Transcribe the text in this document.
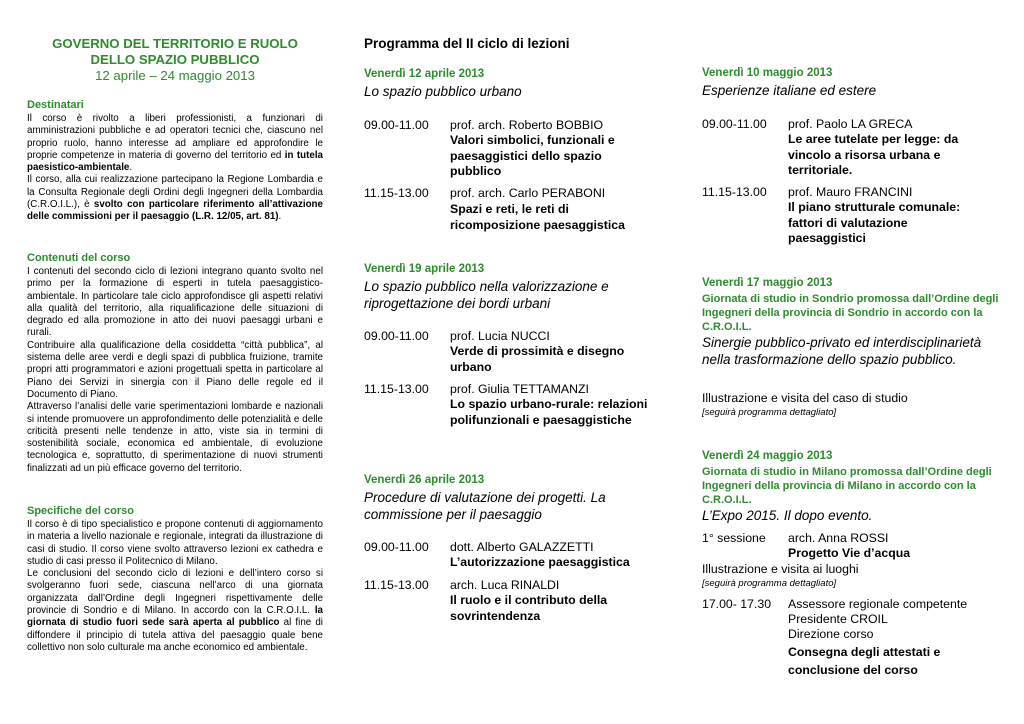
GOVERNO DEL TERRITORIO E RUOLO
DELLO SPAZIO PUBBLICO
12 aprile – 24 maggio 2013
Destinatari
Il corso è rivolto a liberi professionisti, a funzionari di amministrazioni pubbliche e ad operatori tecnici che, ciascuno nel proprio ruolo, hanno interesse ad ampliare ed approfondire le proprie competenze in materia di governo del territorio ed in tutela paesistico-ambientale.
Il corso, alla cui realizzazione partecipano la Regione Lombardia e la Consulta Regionale degli Ordini degli Ingegneri della Lombardia (C.R.O.I.L.), è svolto con particolare riferimento all’attivazione delle commissioni per il paesaggio (L.R. 12/05, art. 81).
Contenuti del corso
I contenuti del secondo ciclo di lezioni integrano quanto svolto nel primo per la formazione di esperti in tutela paesaggistico-ambientale. In particolare tale ciclo approfondisce gli aspetti relativi alla qualità del territorio, alla riqualificazione delle situazioni di degrado ed alla promozione in atto dei nuovi paesaggi urbani e rurali.
Contribuire alla qualificazione della cosiddetta “città pubblica”, al sistema delle aree verdi e degli spazi di pubblica fruizione, tramite propri atti programmatori e azioni progettuali spetta in particolare al Piano dei Servizi in sinergia con il Piano delle regole ed il Documento di Piano.
Attraverso l’analisi delle varie sperimentazioni lombarde e nazionali si intende promuovere un approfondimento delle potenzialità e delle criticità presenti nelle tendenze in atto, viste sia in termini di sostenibilità sociale, economica ed ambientale, di evoluzione tecnologica e, soprattutto, di sperimentazione di nuovi strumenti finalizzati ad un più efficace governo del territorio.
Specifiche del corso
Il corso è di tipo specialistico e propone contenuti di aggiornamento in materia a livello nazionale e regionale, integrati da illustrazione di casi di studio. Il corso viene svolto attraverso lezioni ex cathedra e studio di casi presso il Politecnico di Milano.
Le conclusioni del secondo ciclo di lezioni e dell’intero corso si svolgeranno fuori sede, ciascuna nell’arco di una giornata organizzata dall’Ordine degli Ingegneri rispettivamente delle provincie di Sondrio e di Milano. In accordo con la C.R.O.I.L. la giornata di studio fuori sede sarà aperta al pubblico al fine di diffondere il principio di tutela attiva del paesaggio quale bene collettivo non solo culturale ma anche economico ed ambientale.
Programma del II ciclo di lezioni
Venerdì 12 aprile 2013
Lo spazio pubblico urbano
09.00-11.00 prof. arch. Roberto BOBBIO
Valori simbolici, funzionali e paesaggistici dello spazio pubblico
11.15-13.00 prof. arch. Carlo PERABONI
Spazi e reti, le reti di ricomposizione paesaggistica
Venerdì 19 aprile 2013
Lo spazio pubblico nella valorizzazione e riprogettazione dei bordi urbani
09.00-11.00 prof. Lucia NUCCI
Verde di prossimità e disegno urbano
11.15-13.00 prof. Giulia TETTAMANZI
Lo spazio urbano-rurale: relazioni polifunzionali e paesaggistiche
Venerdì 26 aprile 2013
Procedure di valutazione dei progetti. La commissione per il paesaggio
09.00-11.00 dott. Alberto GALAZZETTI
L’autorizzazione paesaggistica
11.15-13.00 arch. Luca RINALDI
Il ruolo e il contributo della sovrintendenza
Venerdì 10 maggio 2013
Esperienze italiane ed estere
09.00-11.00 prof. Paolo LA GRECA
Le aree tutelate per legge: da vincolo a risorsa urbana e territoriale.
11.15-13.00 prof. Mauro FRANCINI
Il piano strutturale comunale: fattori di valutazione paesaggistici
Venerdì 17 maggio 2013
Giornata di studio in Sondrio promossa dall’Ordine degli Ingegneri della provincia di Sondrio in accordo con la C.R.O.I.L.
Sinergie pubblico-privato ed interdisciplinarietà nella trasformazione dello spazio pubblico.
Illustrazione e visita del caso di studio
[seguirà programma dettagliato]
Venerdì 24 maggio 2013
Giornata di studio in Milano promossa dall’Ordine degli Ingegneri della provincia di Milano in accordo con la C.R.O.I.L.
L’Expo 2015. Il dopo evento.
1° sessione arch. Anna ROSSI
Progetto Vie d’acqua
Illustrazione e visita ai luoghi
[seguirà programma dettagliato]
17.00- 17.30 Assessore regionale competente
Presidente CROIL
Direzione corso
Consegna degli attestati e conclusione del corso
